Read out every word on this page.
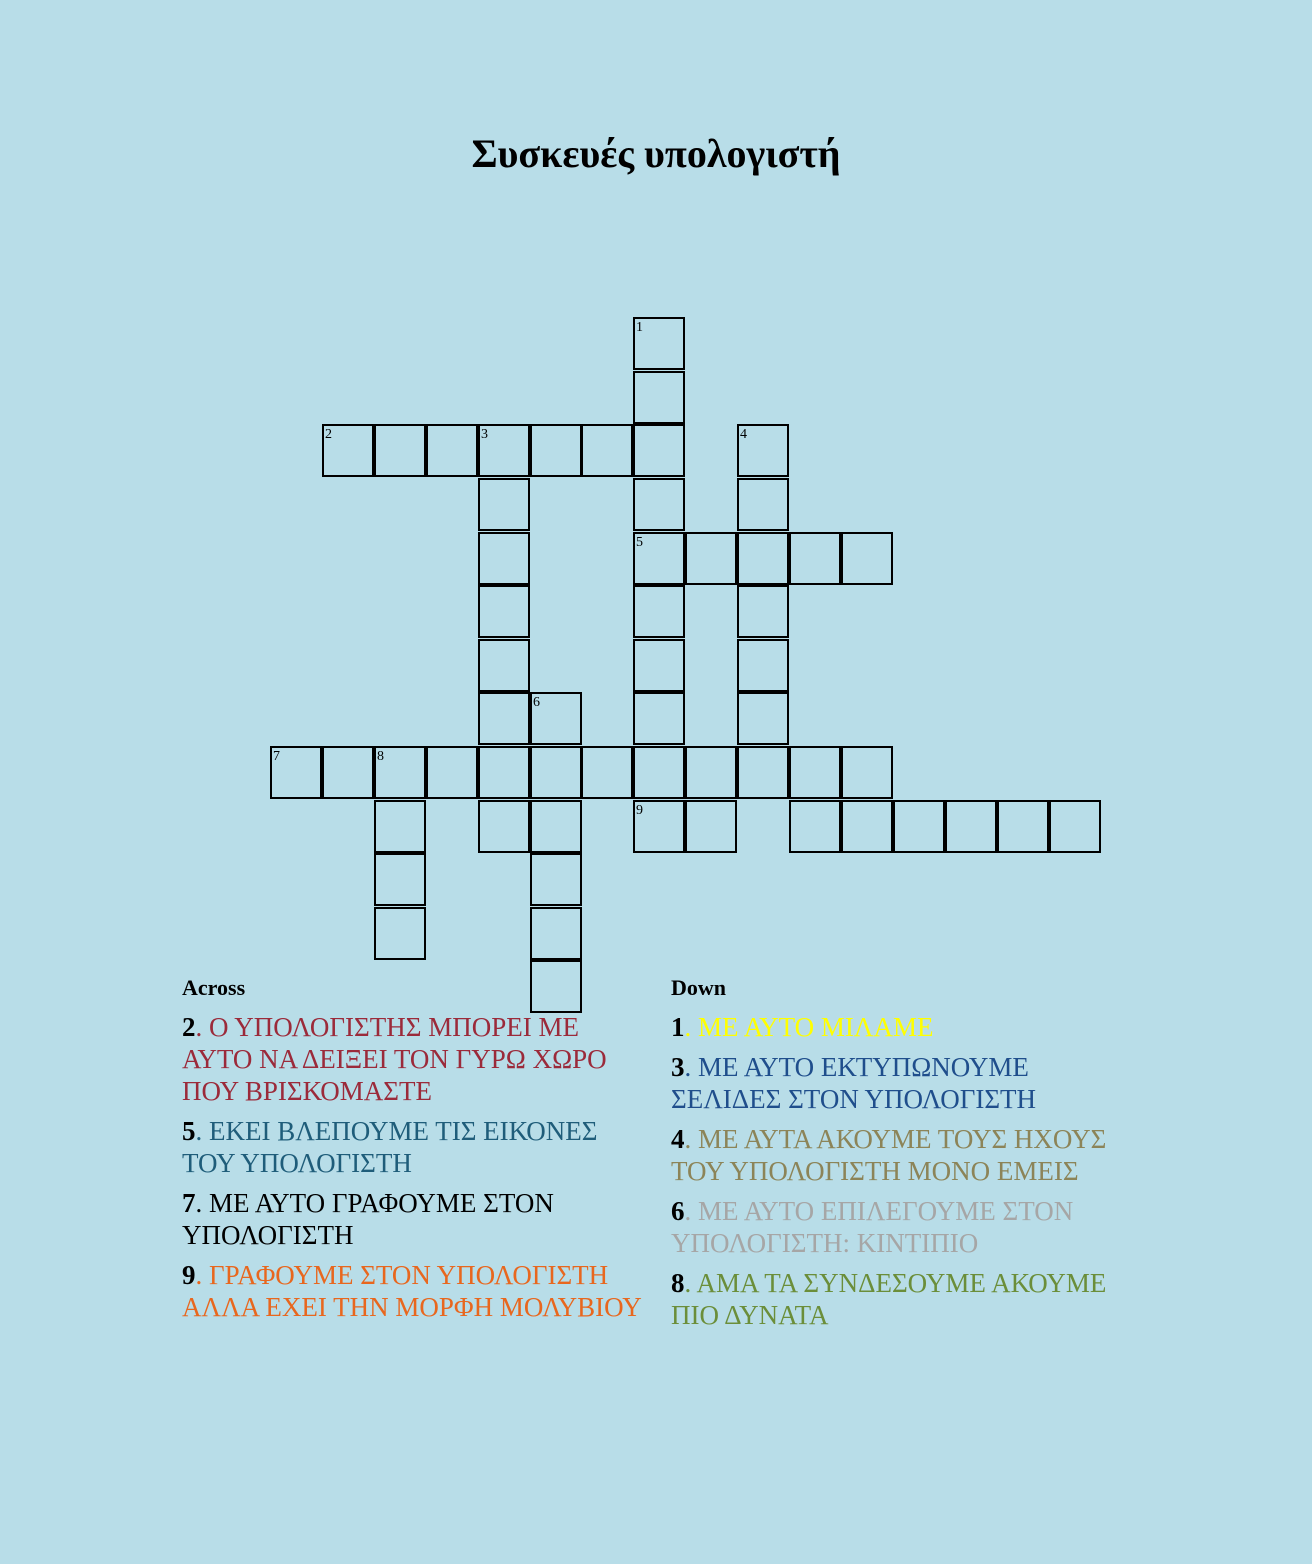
Συσκευές υπολογιστή
1
5
9
2	3	4
6
7	8
Across
2. Ο ΥΠΟΛΟΓΙΣΤΗΣ ΜΠΟΡΕΙ ΜΕ ΑΥΤΟ ΝΑ ΔΕΙΞΕΙ ΤΟΝ ΓΥΡΩ ΧΩΡΟ ΠΟΥ ΒΡΙΣΚΟΜΑΣΤΕ
5. ΕΚΕΙ ΒΛΕΠΟΥΜΕ ΤΙΣ ΕΙΚΟΝΕΣ ΤΟΥ ΥΠΟΛΟΓΙΣΤΗ
7. ΜΕ ΑΥΤΟ ΓΡΑΦΟΥΜΕ ΣΤΟΝ ΥΠΟΛΟΓΙΣΤΗ
9. ΓΡΑΦΟΥΜΕ ΣΤΟΝ ΥΠΟΛΟΓΙΣΤΗ ΑΛΛΑ ΕΧΕΙ ΤΗΝ ΜΟΡΦΗ ΜΟΛΥΒΙΟΥ
Down
1. ΜΕ ΑΥΤΟ ΜΙΛΑΜΕ
3. ΜΕ ΑΥΤΟ ΕΚΤΥΠΩΝΟΥΜΕ ΣΕΛΙΔΕΣ ΣΤΟΝ ΥΠΟΛΟΓΙΣΤΗ
4. ΜΕ ΑΥΤΑ ΑΚΟΥΜΕ ΤΟΥΣ ΗΧΟΥΣ ΤΟΥ ΥΠΟΛΟΓΙΣΤΗ ΜΟΝΟ ΕΜΕΙΣ
6. ΜΕ ΑΥΤΟ ΕΠΙΛΕΓΟΥΜΕ ΣΤΟΝ ΥΠΟΛΟΓΙΣΤΗ: ΚΙΝΤΙΠΙΟ
8. ΑΜΑ ΤΑ ΣΥΝΔΕΣΟΥΜΕ ΑΚΟΥΜΕ ΠΙΟ ΔΥΝΑΤΑ
